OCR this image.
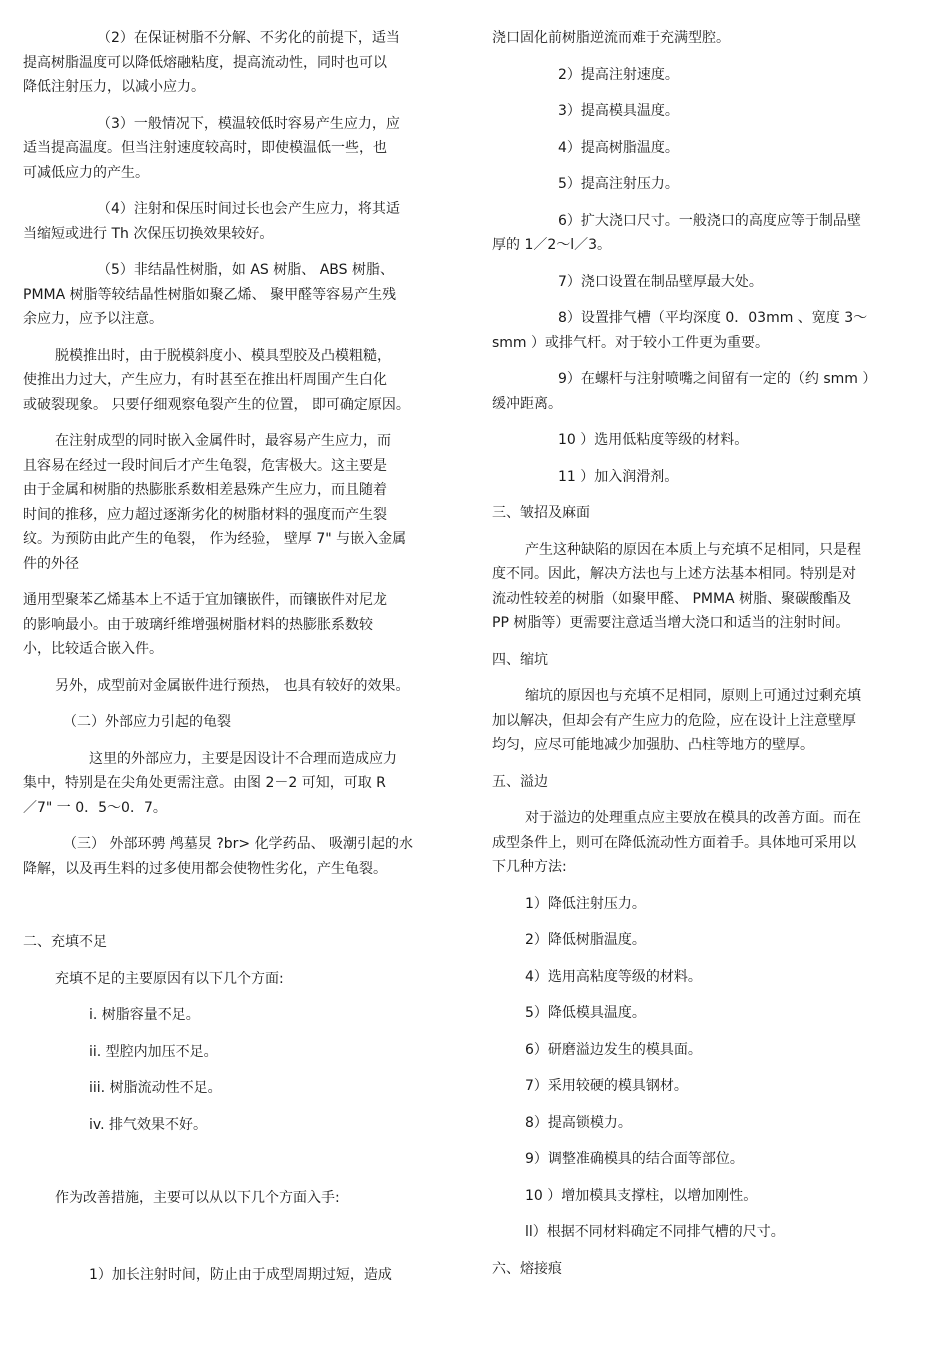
（2）在保证树脂不分解、不劣化的前提下，适当
提高树脂温度可以降低熔融粘度，提高流动性，同时也可以
降低注射压力，以减小应力。
（3）一般情况下，模温较低时容易产生应力，应
适当提高温度。但当注射速度较高时，即使模温低一些，也
可减低应力的产生。
（4）注射和保压时间过长也会产生应力，将其适
当缩短或进行 Th 次保压切换效果较好。
（5）非结晶性树脂，如 AS 树脂、 ABS 树脂、
PMMA 树脂等较结晶性树脂如聚乙烯、 聚甲醛等容易产生残
余应力，应予以注意。
脱模推出时，由于脱模斜度小、模具型胶及凸模粗糙，
使推出力过大，产生应力，有时甚至在推出杆周围产生白化
或破裂现象。 只要仔细观察龟裂产生的位置， 即可确定原因。
在注射成型的同时嵌入金属件时，最容易产生应力，而
且容易在经过一段时间后才产生龟裂，危害极大。这主要是
由于金属和树脂的热膨胀系数相差悬殊产生应力，而且随着
时间的推移，应力超过逐渐劣化的树脂材料的强度而产生裂
纹。为预防由此产生的龟裂， 作为经验， 壁厚 7" 与嵌入金属
件的外径
通用型聚苯乙烯基本上不适于宜加镶嵌件，而镶嵌件对尼龙
的影响最小。由于玻璃纤维增强树脂材料的热膨胀系数较
小，比较适合嵌入件。
另外，成型前对金属嵌件进行预热， 也具有较好的效果。
（二）外部应力引起的龟裂
这里的外部应力，主要是因设计不合理而造成应力
集中，特别是在尖角处更需注意。由图 2－2 可知，可取 R
／7" 一 0．5～0．7。
（三） 外部环骋 鸬墓炅 ?br> 化学药品、 吸潮引起的水
降解，以及再生料的过多使用都会使物性劣化，产生龟裂。
二、充填不足
充填不足的主要原因有以下几个方面:
i. 树脂容量不足。
ii. 型腔内加压不足。
iii. 树脂流动性不足。
iv. 排气效果不好。
作为改善措施，主要可以从以下几个方面入手:
1）加长注射时间，防止由于成型周期过短，造成
浇口固化前树脂逆流而难于充满型腔。
2）提高注射速度。
3）提高模具温度。
4）提高树脂温度。
5）提高注射压力。
6）扩大浇口尺寸。一般浇口的高度应等于制品壁
厚的 1／2～l／3。
7）浇口设置在制品壁厚最大处。
8）设置排气槽（平均深度 0．03mm 、宽度 3～
smm ）或排气杆。对于较小工件更为重要。
9）在螺杆与注射喷嘴之间留有一定的（约 smm ）
缓冲距离。
10 ）选用低粘度等级的材料。
11 ）加入润滑剂。
三、皱招及麻面
产生这种缺陷的原因在本质上与充填不足相同，只是程
度不同。因此，解决方法也与上述方法基本相同。特别是对
流动性较差的树脂（如聚甲醛、 PMMA 树脂、聚碳酸酯及
PP 树脂等）更需要注意适当增大浇口和适当的注射时间。
四、缩坑
缩坑的原因也与充填不足相同，原则上可通过过剩充填
加以解决，但却会有产生应力的危险，应在设计上注意壁厚
均匀，应尽可能地减少加强肋、凸柱等地方的壁厚。
五、溢边
对于溢边的处理重点应主要放在模具的改善方面。而在
成型条件上，则可在降低流动性方面着手。具体地可采用以
下几种方法:
1）降低注射压力。
2）降低树脂温度。
4）选用高粘度等级的材料。
5）降低模具温度。
6）研磨溢边发生的模具面。
7）采用较硬的模具钢材。
8）提高锁模力。
9）调整准确模具的结合面等部位。
10 ）增加模具支撑柱，以增加刚性。
ll）根据不同材料确定不同排气槽的尺寸。
六、熔接痕
